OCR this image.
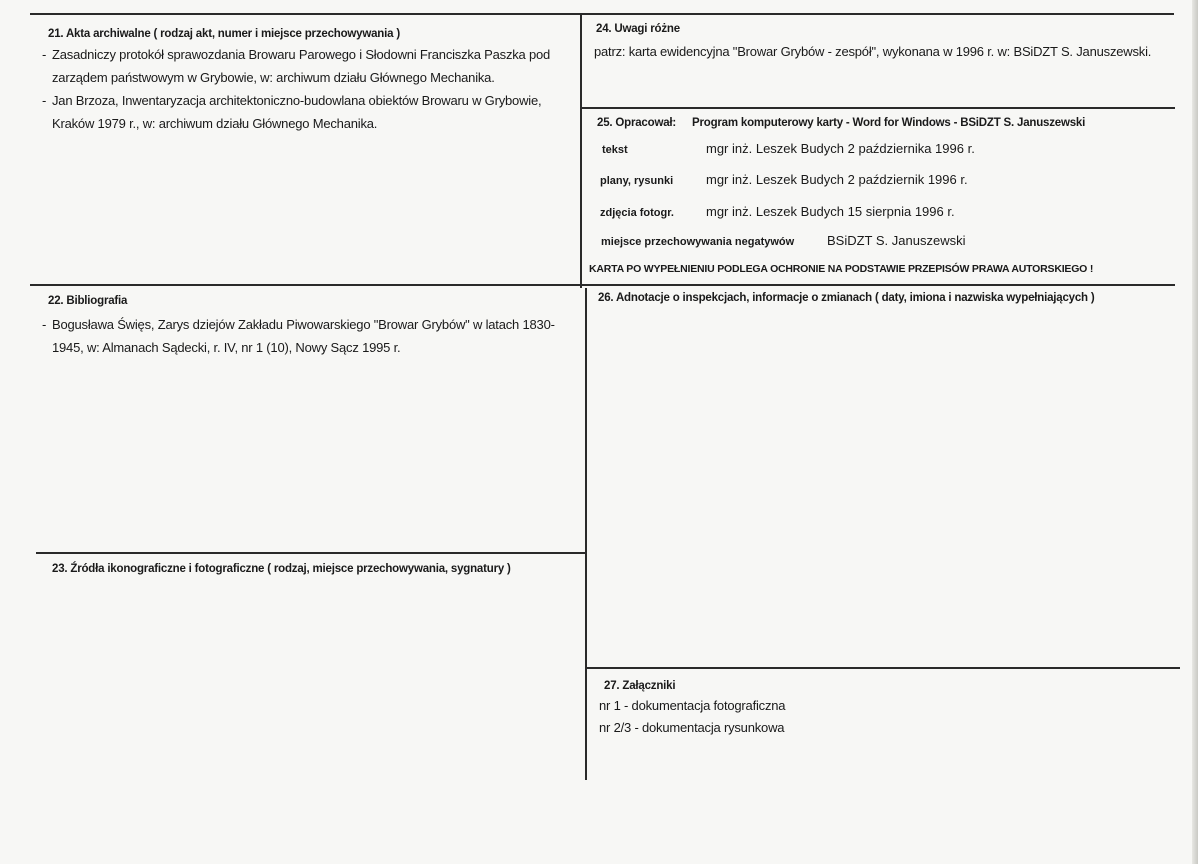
21. Akta archiwalne ( rodzaj akt, numer i miejsce przechowywania )
- Zasadniczy protokół sprawozdania Browaru Parowego i Słodowni Franciszka Paszka pod zarządem państwowym w Grybowie, w: archiwum działu Głównego Mechanika.
- Jan Brzoza, Inwentaryzacja architektoniczno-budowlana obiektów Browaru w Grybowie, Kraków 1979 r., w: archiwum działu Głównego Mechanika.
22. Bibliografia
- Bogusława Święs, Zarys dziejów Zakładu Piwowarskiego "Browar Grybów" w latach 1830-1945, w: Almanach Sądecki, r. IV, nr 1 (10), Nowy Sącz 1995 r.
23. Źródła ikonograficzne i fotograficzne ( rodzaj, miejsce przechowywania, sygnatury )
24. Uwagi różne
patrz: karta ewidencyjna "Browar Grybów - zespół", wykonana w 1996 r. w: BSiDZT S. Januszewski.
25. Opracował: Program komputerowy karty - Word for Windows - BSiDZT S. Januszewski
tekst	mgr inż. Leszek Budych 2 października 1996 r.
plany, rysunki	mgr inż. Leszek Budych 2 październik 1996 r.
zdjęcia fotogr. mgr inż. Leszek Budych 15 sierpnia 1996 r.
miejsce przechowywania negatywów	BSiDZT S. Januszewski
KARTA PO WYPEŁNIENIU PODLEGA OCHRONIE NA PODSTAWIE PRZEPISÓW PRAWA AUTORSKIEGO !
26. Adnotacje o inspekcjach, informacje o zmianach ( daty, imiona i nazwiska wypełniających )
27. Załączniki
nr 1 - dokumentacja fotograficzna
nr 2/3 - dokumentacja rysunkowa
